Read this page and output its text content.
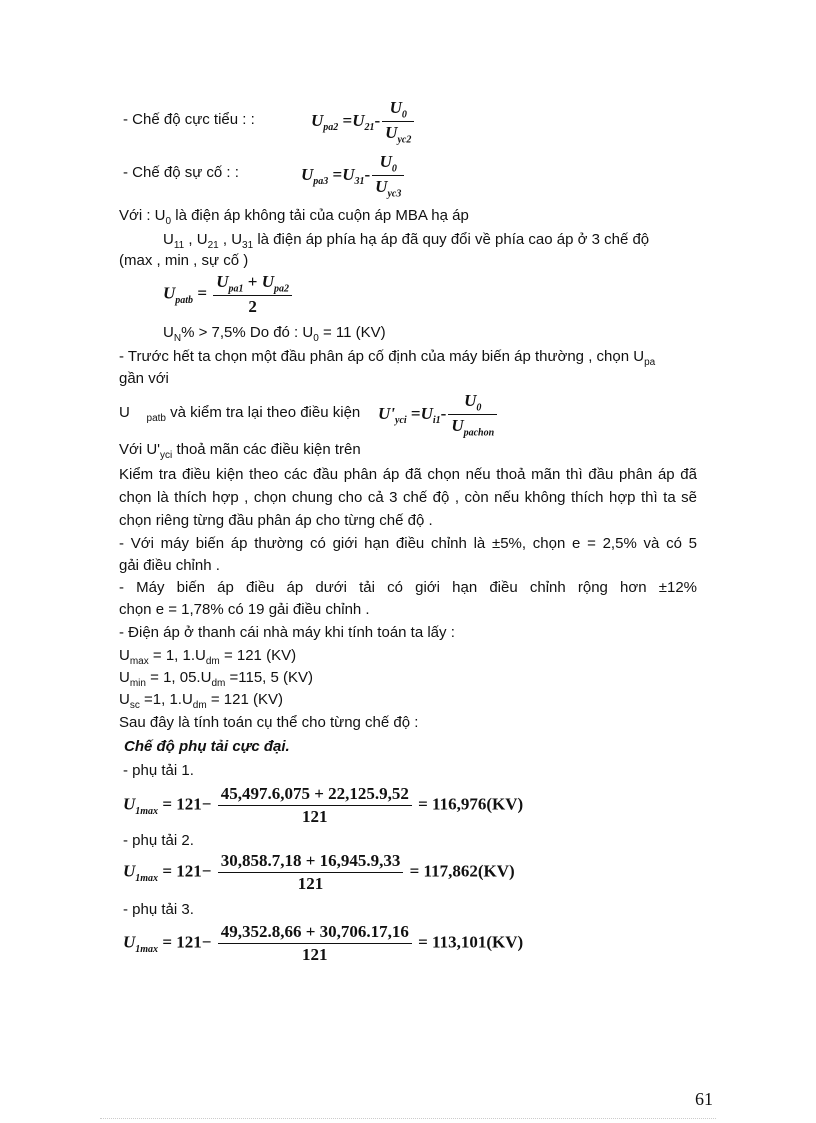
- Chế độ cực tiểu : :	$U_{pa2} =U_{21}- \frac{U_0}{U_{yc2}}$
- Chế độ sự cố : :	$U_{pa3} =U_{31}- \frac{U_0}{U_{yc3}}$
Với : $U_0$ là điện áp không tải của cuộn áp MBA hạ áp
$U_{11}$ , $U_{21}$ , $U_{31}$ là điện áp phía hạ áp đã quy đổi về phía cao áp ở 3 chế độ
(max , min , sự cố )
$U_{patb} = \frac{U_{pa1} + U_{pa2}}{2}$
$U_N\% > 7,5\%$ Do đó : $U_0 = 11$ (KV)
- Trước hết ta chọn một đầu phân áp cố định của máy biến áp thường , chọn $U_{pa}$
gần với
U $_{patb}$ và kiểm tra lại theo điều kiện $U'_{yci} =U_{i1}- \frac{U_0}{U_{pachon}}$
Với $U'_{yci}$ thoả mãn các điều kiện trên
Kiểm tra điều kiện theo các đầu phân áp đã chọn nếu thoả mãn thì đầu phân áp đã
chọn là thích hợp , chọn chung cho cả 3 chế độ , còn nếu không thích hợp thì ta sẽ
chọn riêng từng đầu phân áp cho từng chế độ .
- Với máy biến áp thường có giới hạn điều chỉnh là ±5%, chọn e = 2,5% và có 5
gải điều chỉnh .
- Máy biến áp điều áp dưới tải có giới hạn điều chỉnh rộng hơn ±12%
chọn e = 1,78% có 19 gải điều chỉnh .
- Điện áp ở thanh cái nhà máy khi tính toán ta lấy :
$U_{max} = 1$, $1.U_{dm} = 121$ (KV)
$U_{min} = 1$, $05.U_{dm} =115$, 5 (KV)
$U_{sc} =1$, $1.U_{dm} = 121$ (KV)
Sau đây là tính toán cụ thể cho từng chế độ :
Chế độ phụ tải cực đại.
- phụ tải 1.
$U_{1max} = 121- \frac{45,497.6,075 + 22,125.9,52}{121} = 116,976(KV)$
- phụ tải 2.
$U_{1max} = 121- \frac{30,858.7,18 + 16,945.9,33}{121} = 117,862(KV)$
- phụ tải 3.
$U_{1max} = 121- \frac{49,352.8,66 + 30,706.17,16}{121} = 113,101(KV)$
61
